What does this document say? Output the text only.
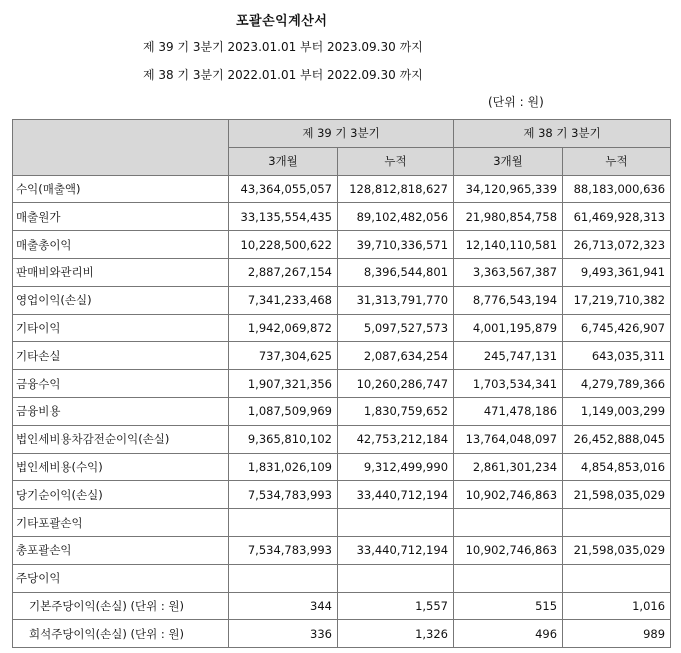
포괄손익계산서
제 39 기 3분기 2023.01.01 부터 2023.09.30 까지
제 38 기 3분기 2022.01.01 부터 2022.09.30 까지
(단위 : 원)
	제 39 기 3분기		제 38 기 3분기	
	3개월	누적	3개월	누적
수익(매출액)	43,364,055,057	128,812,818,627	34,120,965,339	88,183,000,636
매출원가	33,135,554,435	89,102,482,056	21,980,854,758	61,469,928,313
매출총이익	10,228,500,622	39,710,336,571	12,140,110,581	26,713,072,323
판매비와관리비	2,887,267,154	8,396,544,801	3,363,567,387	9,493,361,941
영업이익(손실)	7,341,233,468	31,313,791,770	8,776,543,194	17,219,710,382
기타이익	1,942,069,872	5,097,527,573	4,001,195,879	6,745,426,907
기타손실	737,304,625	2,087,634,254	245,747,131	643,035,311
금융수익	1,907,321,356	10,260,286,747	1,703,534,341	4,279,789,366
금융비용	1,087,509,969	1,830,759,652	471,478,186	1,149,003,299
법인세비용차감전순이익(손실)	9,365,810,102	42,753,212,184	13,764,048,097	26,452,888,045
법인세비용(수익)	1,831,026,109	9,312,499,990	2,861,301,234	4,854,853,016
당기순이익(손실)	7,534,783,993	33,440,712,194	10,902,746,863	21,598,035,029
기타포괄손익				
총포괄손익	7,534,783,993	33,440,712,194	10,902,746,863	21,598,035,029
주당이익				
기본주당이익(손실) (단위 : 원)	344	1,557	515	1,016
희석주당이익(손실) (단위 : 원)	336	1,326	496	989
